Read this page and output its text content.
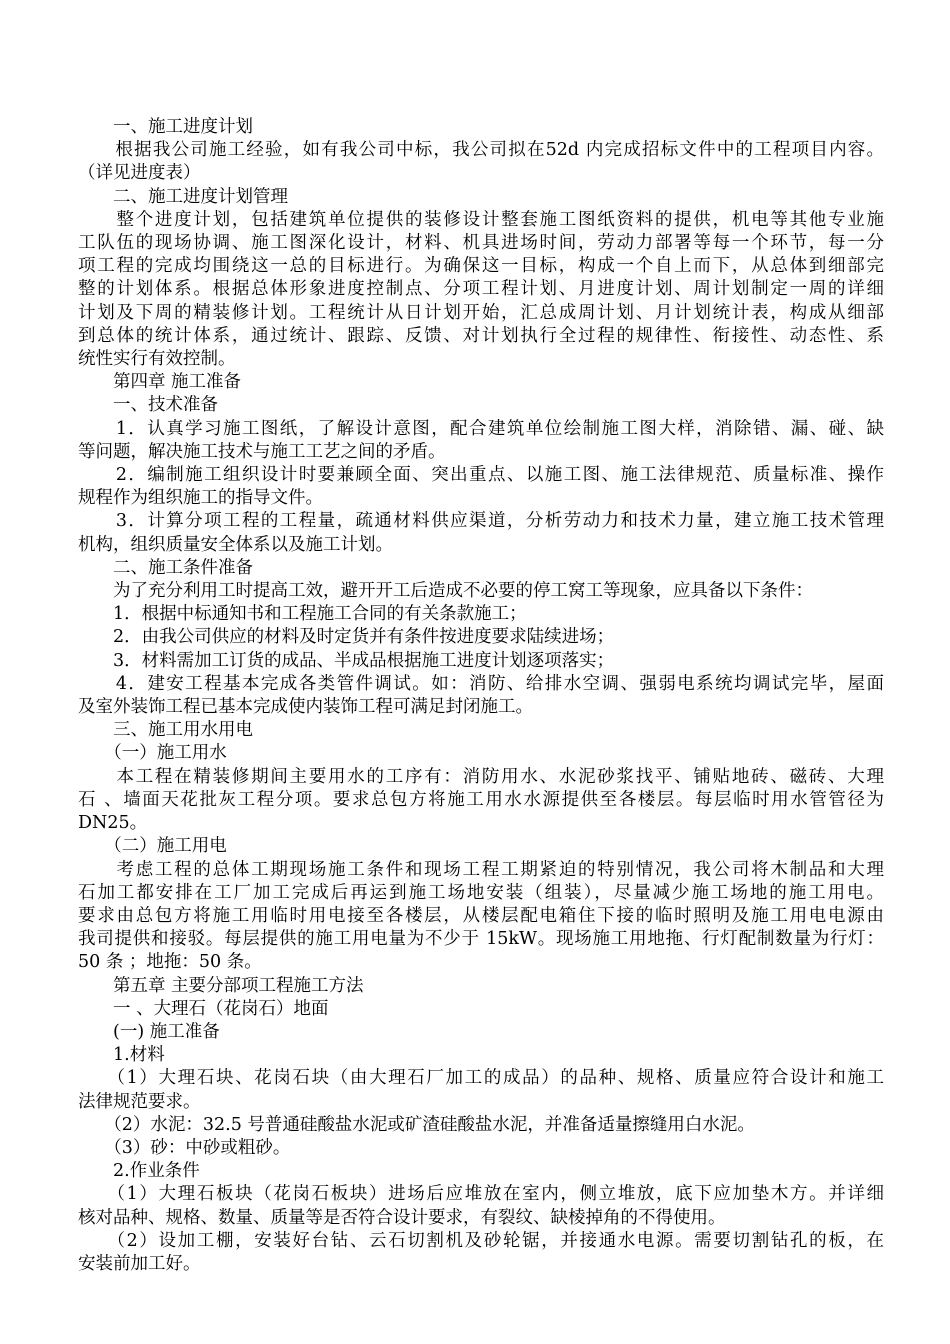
　　一、施工进度计划
　　根据我公司施工经验，如有我公司中标，我公司拟在52d 内完成招标文件中的工程项目内容。
（详见进度表）
　　二、施工进度计划管理
　　整个进度计划，包括建筑单位提供的装修设计整套施工图纸资料的提供，机电等其他专业施
工队伍的现场协调、施工图深化设计，材料、机具进场时间，劳动力部署等每一个环节，每一分
项工程的完成均围绕这一总的目标进行。为确保这一目标，构成一个自上而下，从总体到细部完
整的计划体系。根据总体形象进度控制点、分项工程计划、月进度计划、周计划制定一周的详细
计划及下周的精装修计划。工程统计从日计划开始，汇总成周计划、月计划统计表，构成从细部
到总体的统计体系，通过统计、跟踪、反馈、对计划执行全过程的规律性、衔接性、动态性、系
统性实行有效控制。
　　第四章 施工准备
　　一、技术准备
　　1．认真学习施工图纸，了解设计意图，配合建筑单位绘制施工图大样，消除错、漏、碰、缺
等问题，解决施工技术与施工工艺之间的矛盾。
　　2．编制施工组织设计时要兼顾全面、突出重点、以施工图、施工法律规范、质量标准、操作
规程作为组织施工的指导文件。
　　3．计算分项工程的工程量，疏通材料供应渠道，分析劳动力和技术力量，建立施工技术管理
机构，组织质量安全体系以及施工计划。
　　二、施工条件准备
　　为了充分利用工时提高工效，避开开工后造成不必要的停工窝工等现象，应具备以下条件：
　　1．根据中标通知书和工程施工合同的有关条款施工；
　　2．由我公司供应的材料及时定货并有条件按进度要求陆续进场；
　　3．材料需加工订货的成品、半成品根据施工进度计划逐项落实；
　　4．建安工程基本完成各类管件调试。如：消防、给排水空调、强弱电系统均调试完毕，屋面
及室外装饰工程已基本完成使内装饰工程可满足封闭施工。
　　三、施工用水用电
　　（一）施工用水
　　本工程在精装修期间主要用水的工序有：消防用水、水泥砂浆找平、铺贴地砖、磁砖、大理
石 、墙面天花批灰工程分项。要求总包方将施工用水水源提供至各楼层。每层临时用水管管径为
DN25。
　　（二）施工用电
　　考虑工程的总体工期现场施工条件和现场工程工期紧迫的特别情况，我公司将木制品和大理
石加工都安排在工厂加工完成后再运到施工场地安装（组装），尽量减少施工场地的施工用电。
要求由总包方将施工用临时用电接至各楼层，从楼层配电箱住下接的临时照明及施工用电电源由
我司提供和接驳。每层提供的施工用电量为不少于 15kW。现场施工用地拖、行灯配制数量为行灯：
50 条 ；地拖：50 条。
　　第五章 主要分部项工程施工方法
　　一 、大理石（花岗石）地面
　　(一) 施工准备
　　1.材料
　　（1）大理石块、花岗石块（由大理石厂加工的成品）的品种、规格、质量应符合设计和施工
法律规范要求。
　　（2）水泥：32.5 号普通硅酸盐水泥或矿渣硅酸盐水泥，并准备适量擦缝用白水泥。
　　（3）砂：中砂或粗砂。
　　2.作业条件
　　（1）大理石板块（花岗石板块）进场后应堆放在室内，侧立堆放，底下应加垫木方。并详细
核对品种、规格、数量、质量等是否符合设计要求，有裂纹、缺棱掉角的不得使用。
　　（2）设加工棚，安装好台钻、云石切割机及砂轮锯，并接通水电源。需要切割钻孔的板，在
安装前加工好。
